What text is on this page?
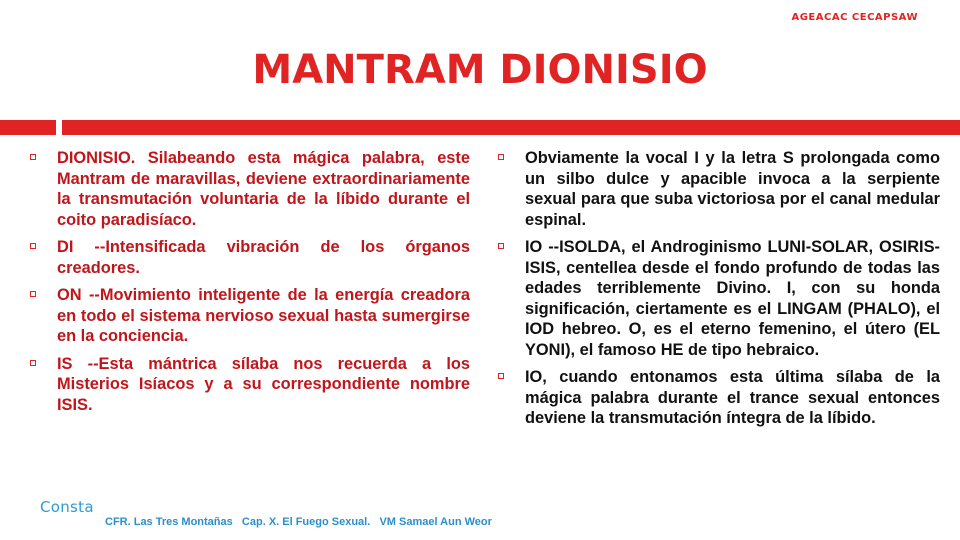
AGEACAC CECAPSAW
MANTRAM DIONISIO
DIONISIO. Silabeando esta mágica palabra, este Mantram de maravillas, deviene extraordinariamente la transmutación voluntaria de la líbido durante el coito paradisíaco.
DI --Intensificada vibración de los órganos creadores.
ON --Movimiento inteligente de la energía creadora en todo el sistema nervioso sexual hasta sumergirse en la conciencia.
IS --Esta mántrica sílaba nos recuerda a los Misterios Isíacos y a su correspondiente nombre ISIS.
Obviamente la vocal I y la letra S prolongada como un silbo dulce y apacible invoca a la serpiente sexual para que suba victoriosa por el canal medular espinal.
IO --ISOLDA, el Androginismo LUNI-SOLAR, OSIRIS-ISIS, centellea desde el fondo profundo de todas las edades terriblemente Divino. I, con su honda significación, ciertamente es el LINGAM (PHALO), el IOD hebreo. O, es el eterno femenino, el útero (EL YONI), el famoso HE de tipo hebraico.
IO, cuando entonamos esta última sílaba de la mágica palabra durante el trance sexual entonces deviene la transmutación íntegra de la líbido.
Consta
CFR. Las Tres Montañas   Cap. X. El Fuego Sexual.   VM Samael Aun Weor
